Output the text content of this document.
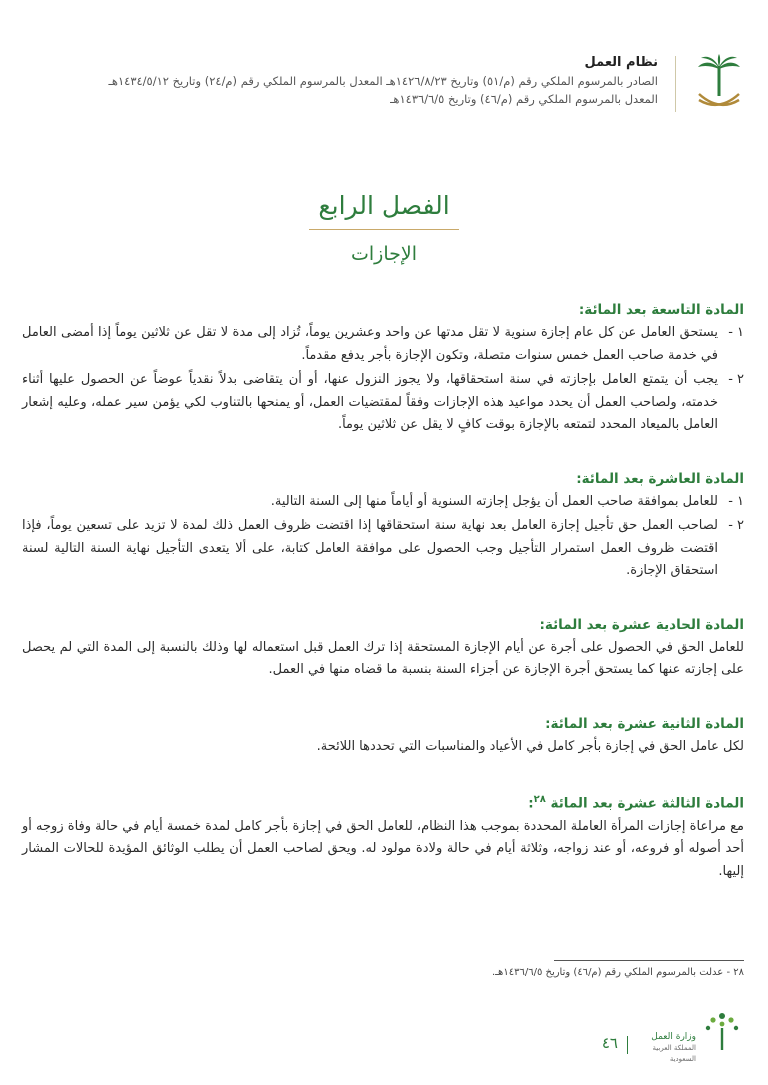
نظام العمل
الصادر بالمرسوم الملكي رقم (م/٥١) وتاريخ ١٤٢٦/٨/٢٣هـ المعدل بالمرسوم الملكي رقم (م/٢٤) وتاريخ ١٤٣٤/٥/١٢هـ
المعدل بالمرسوم الملكي رقم (م/٤٦) وتاريخ ١٤٣٦/٦/٥هـ
الفصل الرابع
الإجازات
المادة التاسعة بعد المائة:
١ -
يستحق العامل عن كل عام إجازة سنوية لا تقل مدتها عن واحد وعشرين يوماً، تُزاد إلى مدة لا تقل عن ثلاثين يوماً إذا أمضى العامل في خدمة صاحب العمل خمس سنوات متصلة، وتكون الإجازة بأجر يدفع مقدماً.
٢ -
يجب أن يتمتع العامل بإجازته في سنة استحقاقها، ولا يجوز النزول عنها، أو أن يتقاضى بدلاً نقدياً عوضاً عن الحصول عليها أثناء خدمته، ولصاحب العمل أن يحدد مواعيد هذه الإجازات وفقاً لمقتضيات العمل، أو يمنحها بالتناوب لكي يؤمن سير عمله، وعليه إشعار العامل بالميعاد المحدد لتمتعه بالإجازة بوقت كافٍ لا يقل عن ثلاثين يوماً.
المادة العاشرة بعد المائة:
١ -
للعامل بموافقة صاحب العمل أن يؤجل إجازته السنوية أو أياماً منها إلى السنة التالية.
٢ -
لصاحب العمل حق تأجيل إجازة العامل بعد نهاية سنة استحقاقها إذا اقتضت ظروف العمل ذلك لمدة لا تزيد على تسعين يوماً، فإذا اقتضت ظروف العمل استمرار التأجيل وجب الحصول على موافقة العامل كتابة، على ألا يتعدى التأجيل نهاية السنة التالية لسنة استحقاق الإجازة.
المادة الحادية عشرة بعد المائة:
للعامل الحق في الحصول على أجرة عن أيام الإجازة المستحقة إذا ترك العمل قبل استعماله لها وذلك بالنسبة إلى المدة التي لم يحصل على إجازته عنها كما يستحق أجرة الإجازة عن أجزاء السنة بنسبة ما قضاه منها في العمل.
المادة الثانية عشرة بعد المائة:
لكل عامل الحق في إجازة بأجر كامل في الأعياد والمناسبات التي تحددها اللائحة.
المادة الثالثة عشرة بعد المائة $^{٢٨}$:
مع مراعاة إجازات المرأة العاملة المحددة بموجب هذا النظام، للعامل الحق في إجازة بأجر كامل لمدة خمسة أيام في حالة وفاة زوجه أو أحد أصوله أو فروعه، أو عند زواجه، وثلاثة أيام في حالة ولادة مولود له. ويحق لصاحب العمل أن يطلب الوثائق المؤيدة للحالات المشار إليها.
٢٨ - عدلت بالمرسوم الملكي رقم (م/٤٦) وتاريخ ١٤٣٦/٦/٥هـ.
وزارة العمل
المملكة العربية السعودية
٤٦
